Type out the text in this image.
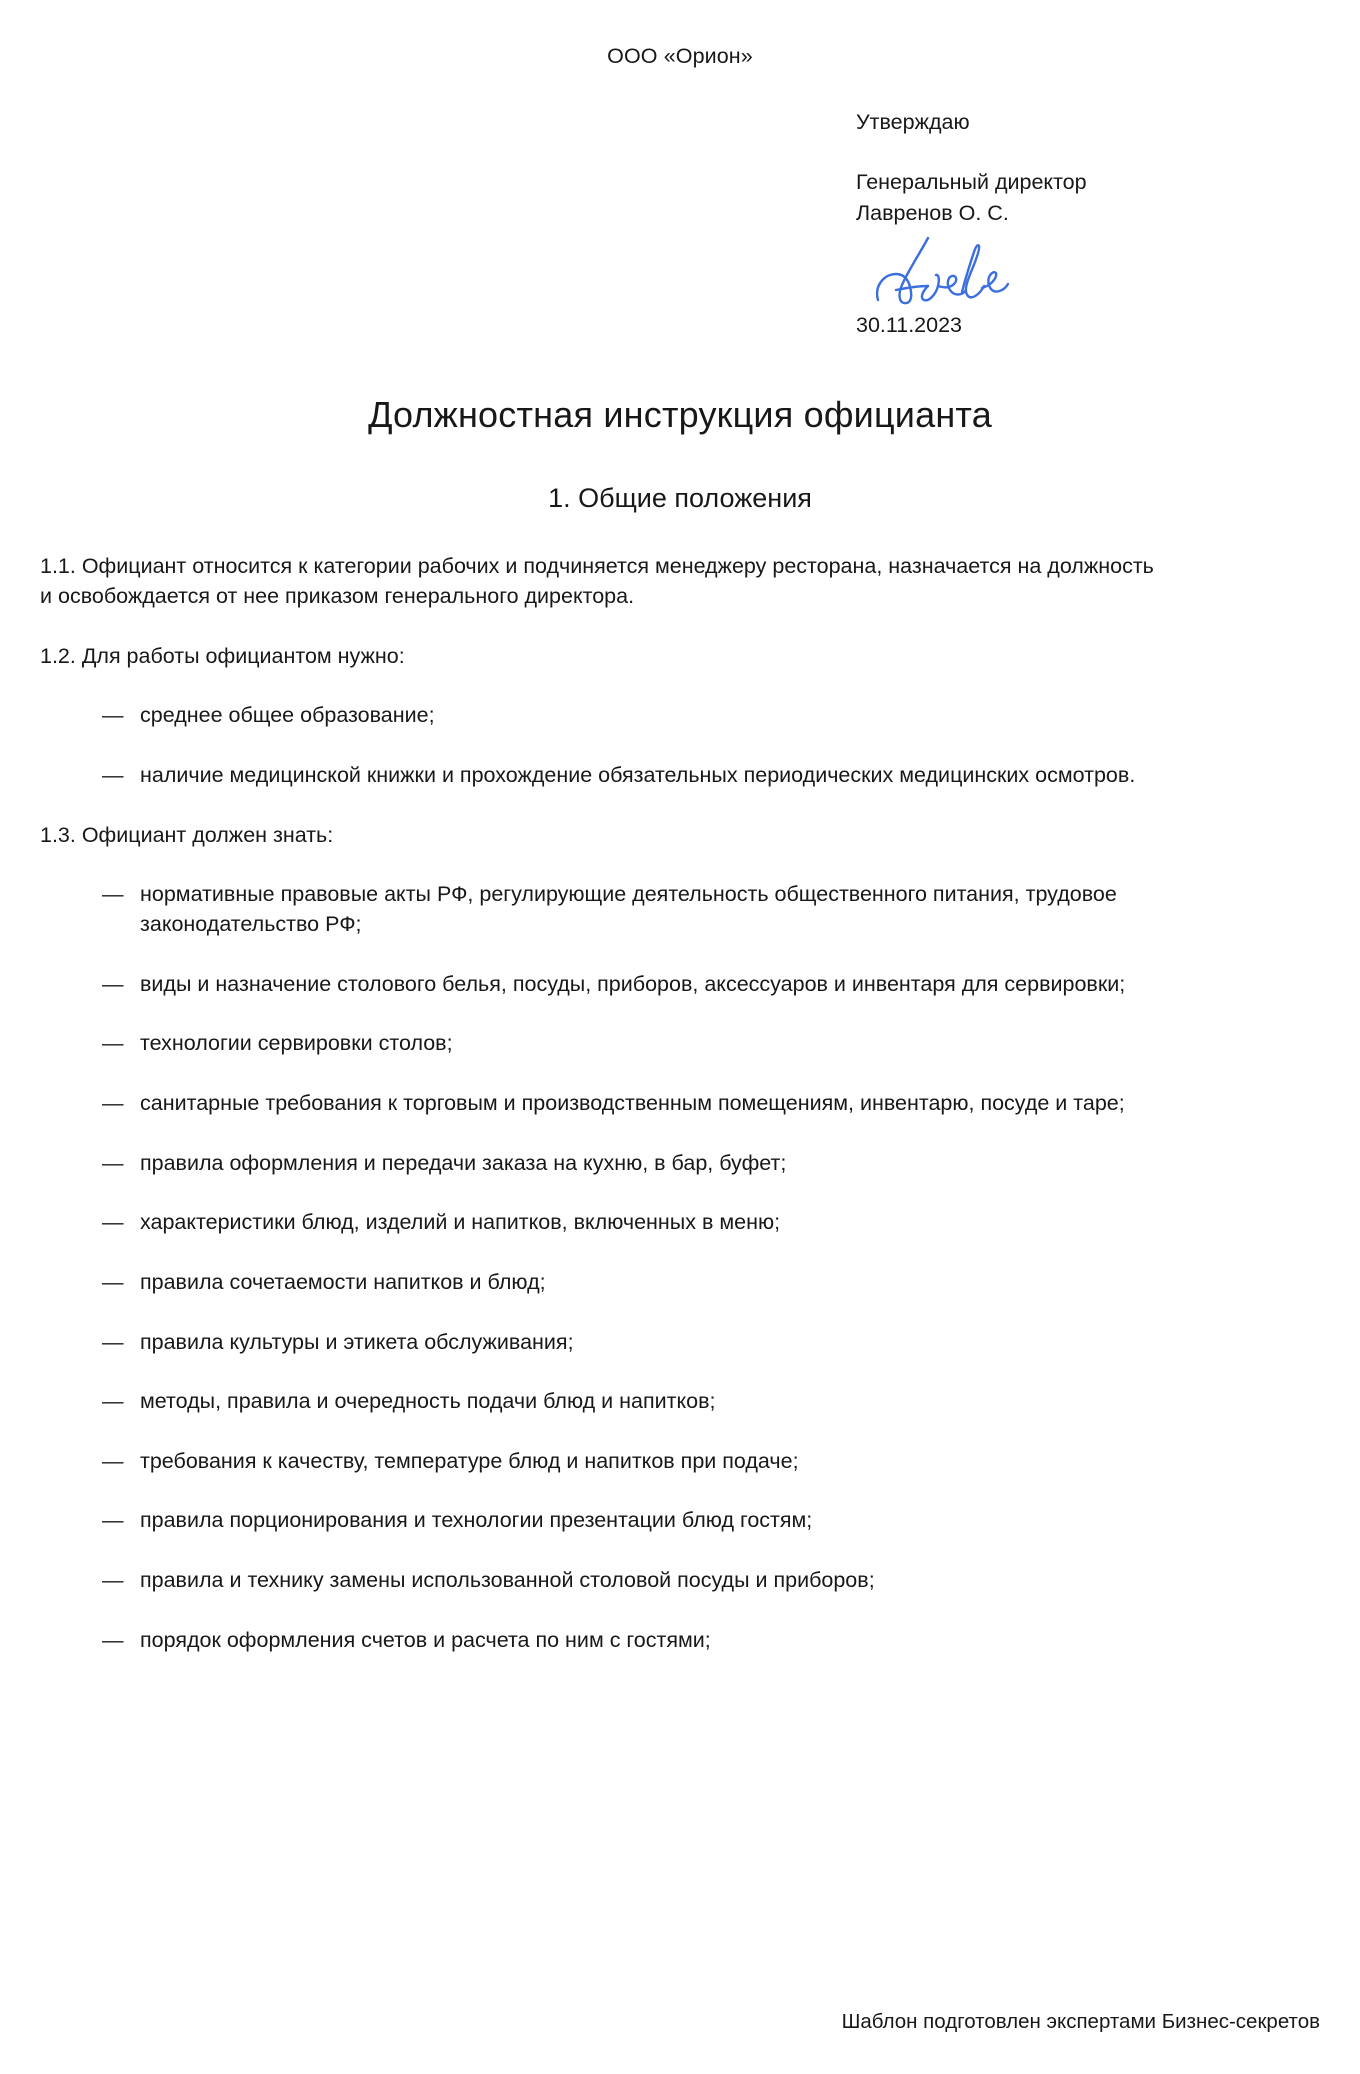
ООО «Орион»
Утверждаю
Генеральный директор
Лавренов О. С.
30.11.2023
Должностная инструкция официанта
1. Общие положения

1.1. Официант относится к категории рабочих и подчиняется менеджеру ресторана, назначается на должность и освобождается от нее приказом генерального директора.

1.2. Для работы официантом нужно:

— среднее общее образование;
— наличие медицинской книжки и прохождение обязательных периодических медицинских осмотров.

1.3. Официант должен знать:

— нормативные правовые акты РФ, регулирующие деятельность общественного питания, трудовое законодательство РФ;
— виды и назначение столового белья, посуды, приборов, аксессуаров и инвентаря для сервировки;
— технологии сервировки столов;
— санитарные требования к торговым и производственным помещениям, инвентарю, посуде и таре;
— правила оформления и передачи заказа на кухню, в бар, буфет;
— характеристики блюд, изделий и напитков, включенных в меню;
— правила сочетаемости напитков и блюд;
— правила культуры и этикета обслуживания;
— методы, правила и очередность подачи блюд и напитков;
— требования к качеству, температуре блюд и напитков при подаче;
— правила порционирования и технологии презентации блюд гостям;
— правила и технику замены использованной столовой посуды и приборов;
— порядок оформления счетов и расчета по ним с гостями;
Шаблон подготовлен экспертами Бизнес-секретов
